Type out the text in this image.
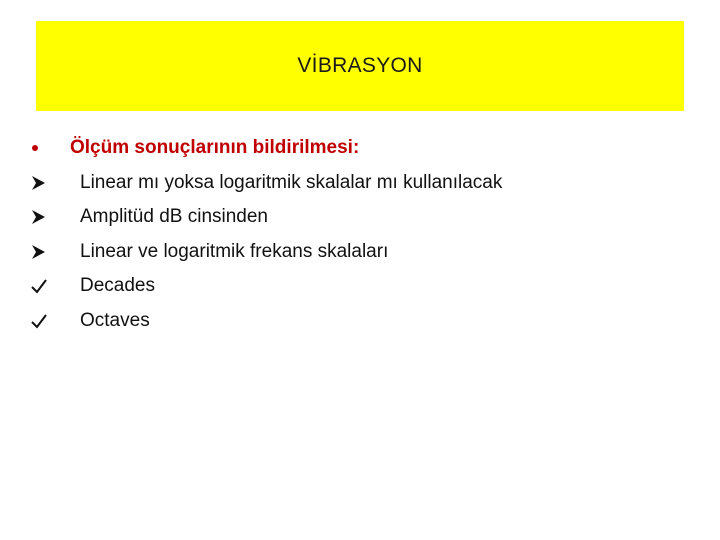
VİBRASYON
Ölçüm sonuçlarının bildirilmesi:
Linear mı yoksa logaritmik skalalar mı kullanılacak
Amplitüd dB cinsinden
Linear ve logaritmik frekans skalaları
Decades
Octaves
